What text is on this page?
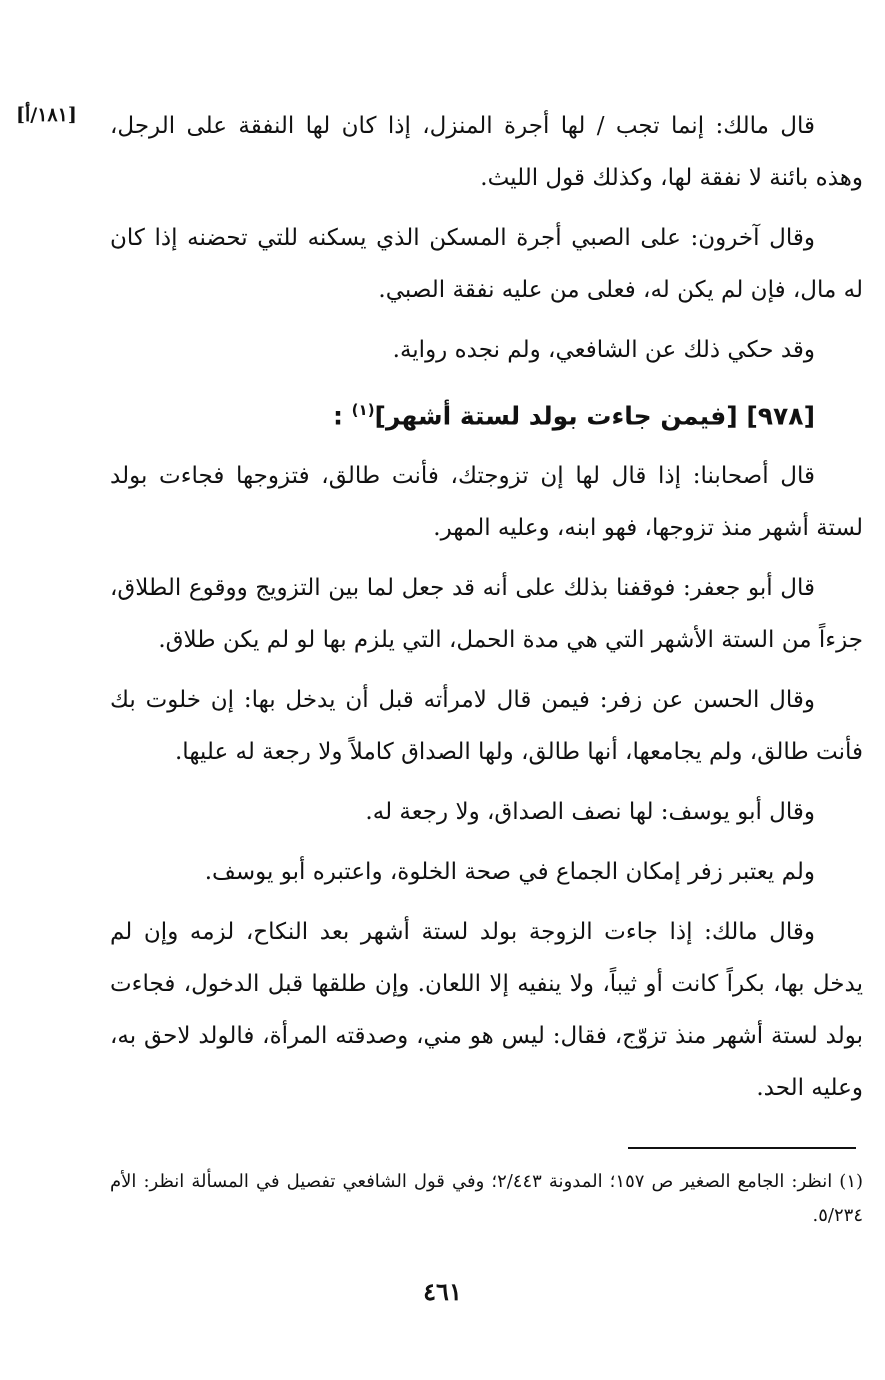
[١٨١/أ] قال مالك: إنما تجب / لها أجرة المنزل، إذا كان لها النفقة على الرجل، وهذه بائنة لا نفقة لها، وكذلك قول الليث.

وقال آخرون: على الصبي أجرة المسكن الذي يسكنه للتي تحضنه إذا كان له مال، فإن لم يكن له، فعلى من عليه نفقة الصبي.

وقد حكي ذلك عن الشافعي، ولم نجده رواية.

[٩٧٨] [فيمن جاءت بولد لستة أشهر]$^{(١)}$ :

قال أصحابنا: إذا قال لها إن تزوجتك، فأنت طالق، فتزوجها فجاءت بولد لستة أشهر منذ تزوجها، فهو ابنه، وعليه المهر.

قال أبو جعفر: فوقفنا بذلك على أنه قد جعل لما بين التزويج ووقوع الطلاق، جزءاً من الستة الأشهر التي هي مدة الحمل، التي يلزم بها لو لم يكن طلاق.

وقال الحسن عن زفر: فيمن قال لامرأته قبل أن يدخل بها: إن خلوت بك فأنت طالق، ولم يجامعها، أنها طالق، ولها الصداق كاملاً ولا رجعة له عليها.

وقال أبو يوسف: لها نصف الصداق، ولا رجعة له.

ولم يعتبر زفر إمكان الجماع في صحة الخلوة، واعتبره أبو يوسف.

وقال مالك: إذا جاءت الزوجة بولد لستة أشهر بعد النكاح، لزمه وإن لم يدخل بها، بكراً كانت أو ثيباً، ولا ينفيه إلا اللعان. وإن طلقها قبل الدخول، فجاءت بولد لستة أشهر منذ تزوّج، فقال: ليس هو مني، وصدقته المرأة، فالولد لاحق به، وعليه الحد.

(١) انظر: الجامع الصغير ص ١٥٧؛ المدونة ٢/٤٤٣؛ وفي قول الشافعي تفصيل في المسألة انظر: الأم ٥/٢٣٤.
٤٦١
